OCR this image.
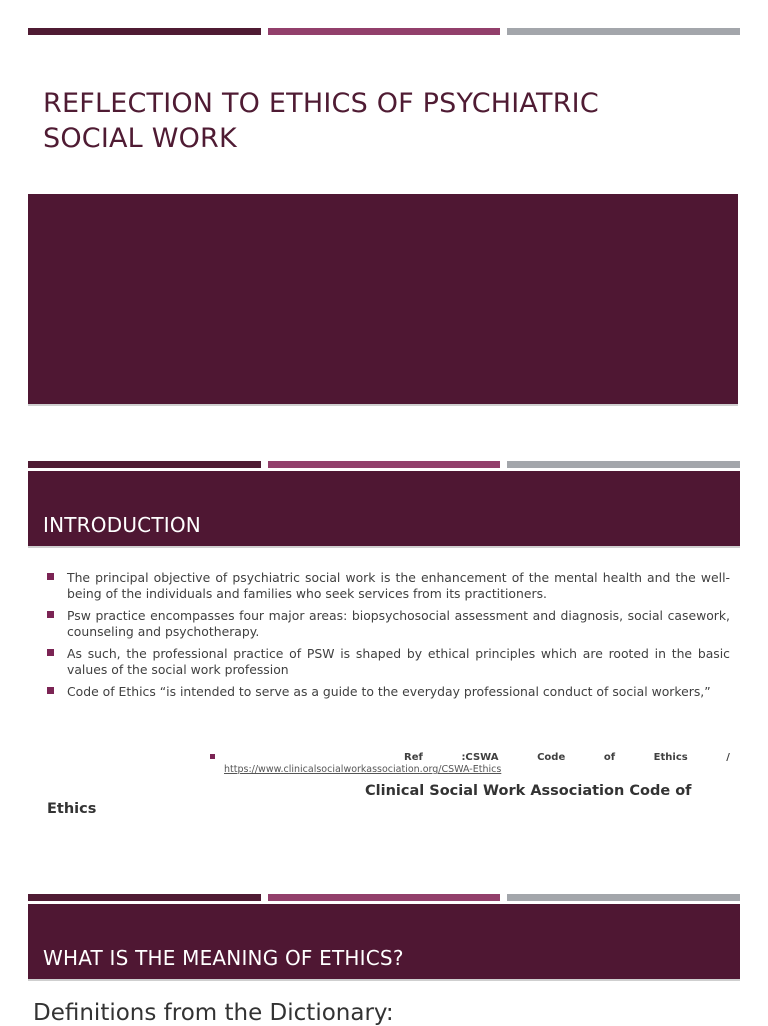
REFLECTION TO ETHICS OF PSYCHIATRIC SOCIAL WORK
INTRODUCTION
The principal objective of psychiatric social work is the enhancement of the mental health and the well-being of the individuals and families who seek services from its practitioners.
Psw practice encompasses four major areas: biopsychosocial assessment and diagnosis, social casework, counseling and psychotherapy.
As such, the professional practice of PSW is shaped by ethical principles which are rooted in the basic values of the social work profession
Code of Ethics “is intended to serve as a guide to the everyday professional conduct of social workers,”
Ref	:CSWA	Code	of	Ethics	/
https://www.clinicalsocialworkassociation.org/CSWA-Ethics
Clinical Social Work Association Code of
Ethics
WHAT IS THE MEANING OF ETHICS?
Definitions from the Dictionary:
